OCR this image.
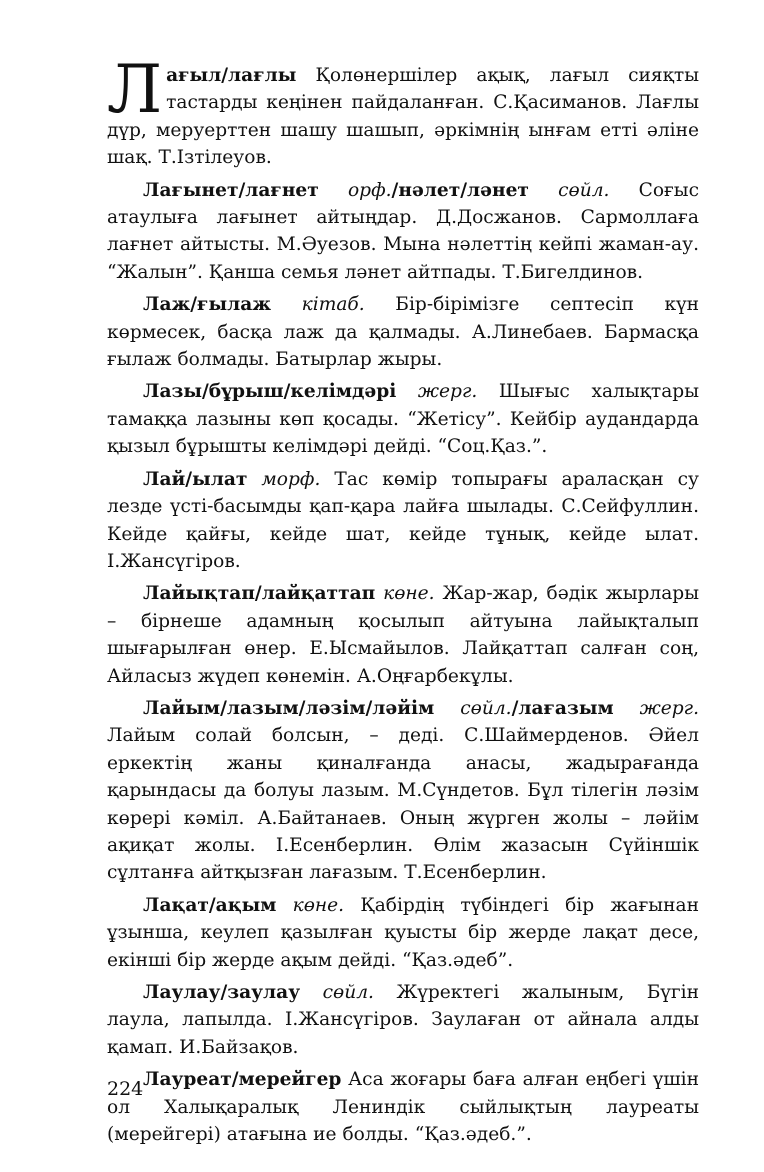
Лағыл/лағлы Қолөнершілер ақық, лағыл сияқты тастарды кеңінен пайдаланған. С.Қасиманов. Лағлы дүр, меруерттен шашу шашып, әркімнің ынғам етті әліне шақ. Т.Ізтілеуов.

Лағынет/лағнет орф./нәлет/ләнет сөйл. Соғыс атаулыға лағынет айтыңдар. Д.Досжанов. Сармоллаға лағнет айтысты. М.Әуезов. Мына нәлеттің кейпі жаман-ау. “Жалын”. Қанша семья ләнет айтпады. Т.Бигелдинов.

Лаж/ғылаж кітаб. Бір-бірімізге септесіп күн көрмесек, басқа лаж да қалмады. А.Линебаев. Бармасқа ғылаж болмады. Батырлар жыры.

Лазы/бұрыш/келімдәрі жерг. Шығыс халықтары тамаққа лазыны көп қосады. “Жетісу”. Кейбір аудандарда қызыл бұрышты келімдәрі дейді. “Соц.Қаз.”.

Лай/ылат морф. Тас көмір топырағы араласқан су лезде үсті-басымды қап-қара лайға шылады. С.Сейфуллин. Кейде қайғы, кейде шат, кейде тұнық, кейде ылат. І.Жансүгіров.

Лайықтап/лайқаттап көне. Жар-жар, бәдік жырлары – бірнеше адамның қосылып айтуына лайықталып шығарылған өнер. Е.Ысмайылов. Лайқаттап салған соң, Айласыз жүдеп көнемін. А.Оңғарбекұлы.

Лайым/лазым/ләзім/ләйім сөйл./лағазым жерг. Лайым солай болсын, – деді. С.Шаймерденов. Әйел еркектің жаны қиналғанда анасы, жадырағанда қарындасы да болуы лазым. М.Сүндетов. Бұл тілегін ләзім көрері кәміл. А.Байтанаев. Оның жүрген жолы – ләйім ақиқат жолы. І.Есенберлин. Өлім жазасын Сүйіншік сұлтанға айтқызған лағазым. Т.Есенберлин.

Лақат/ақым көне. Қабірдің түбіндегі бір жағынан ұзынша, кеулеп қазылған қуысты бір жерде лақат десе, екінші бір жерде ақым дейді. “Қаз.әдеб”.

Лаулау/заулау сөйл. Жүректегі жалыным, Бүгін лаула, лапылда. І.Жансүгіров. Заулаған от айнала алды қамап. И.Байзақов.

Лауреат/мерейгер Аса жоғары баға алған еңбегі үшін ол Халықаралық Лениндік сыйлықтың лауреаты (мерейгері) атағына ие болды. “Қаз.әдеб.”.

224
